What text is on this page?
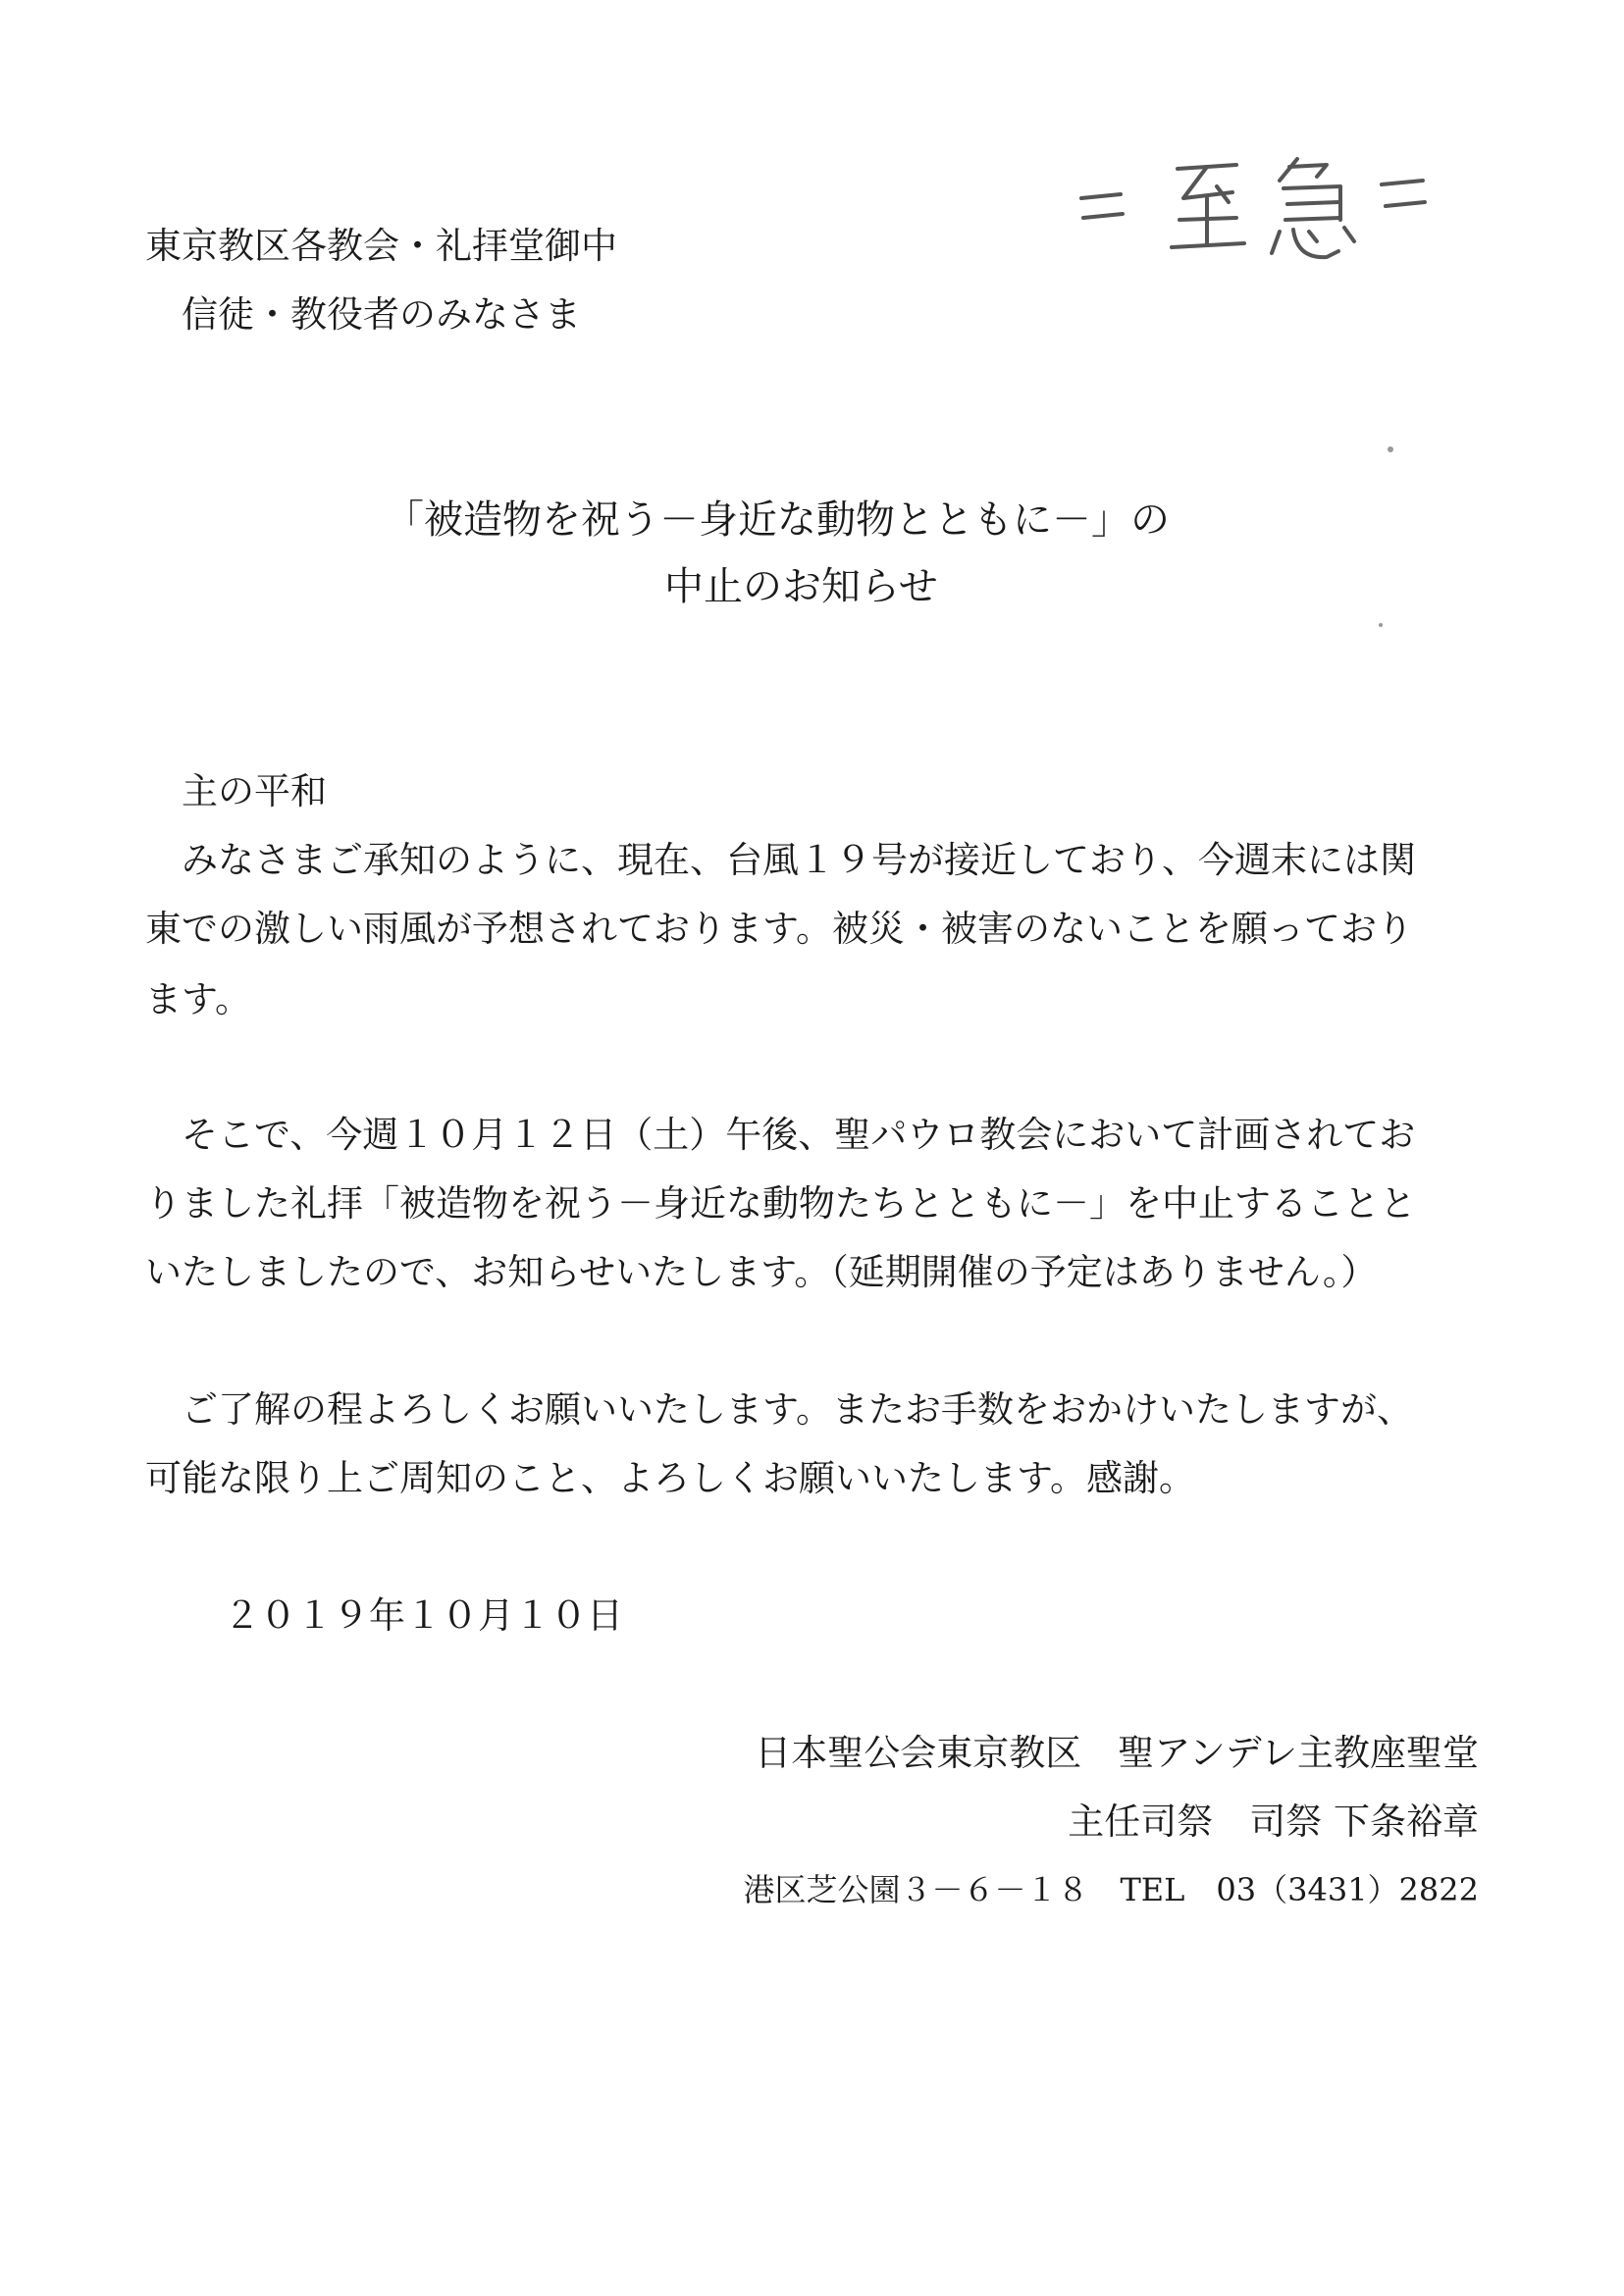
東京教区各教会・礼拝堂御中
信徒・教役者のみなさま
「被造物を祝う－身近な動物とともに－」の
中止のお知らせ
主の平和
みなさまご承知のように、現在、台風１９号が接近しており、今週末には関
東での激しい雨風が予想されております。被災・被害のないことを願っており
ます。
そこで、今週１０月１２日（土）午後、聖パウロ教会において計画されてお
りました礼拝「被造物を祝う－身近な動物たちとともに－」を中止することと
いたしましたので、お知らせいたします。（延期開催の予定はありません。）
ご了解の程よろしくお願いいたします。またお手数をおかけいたしますが、
可能な限り上ご周知のこと、よろしくお願いいたします。感謝。
２０１９年１０月１０日
日本聖公会東京教区　聖アンデレ主教座聖堂
主任司祭　司祭 下条裕章
港区芝公園３－６－１８　TEL　03（3431）2822
